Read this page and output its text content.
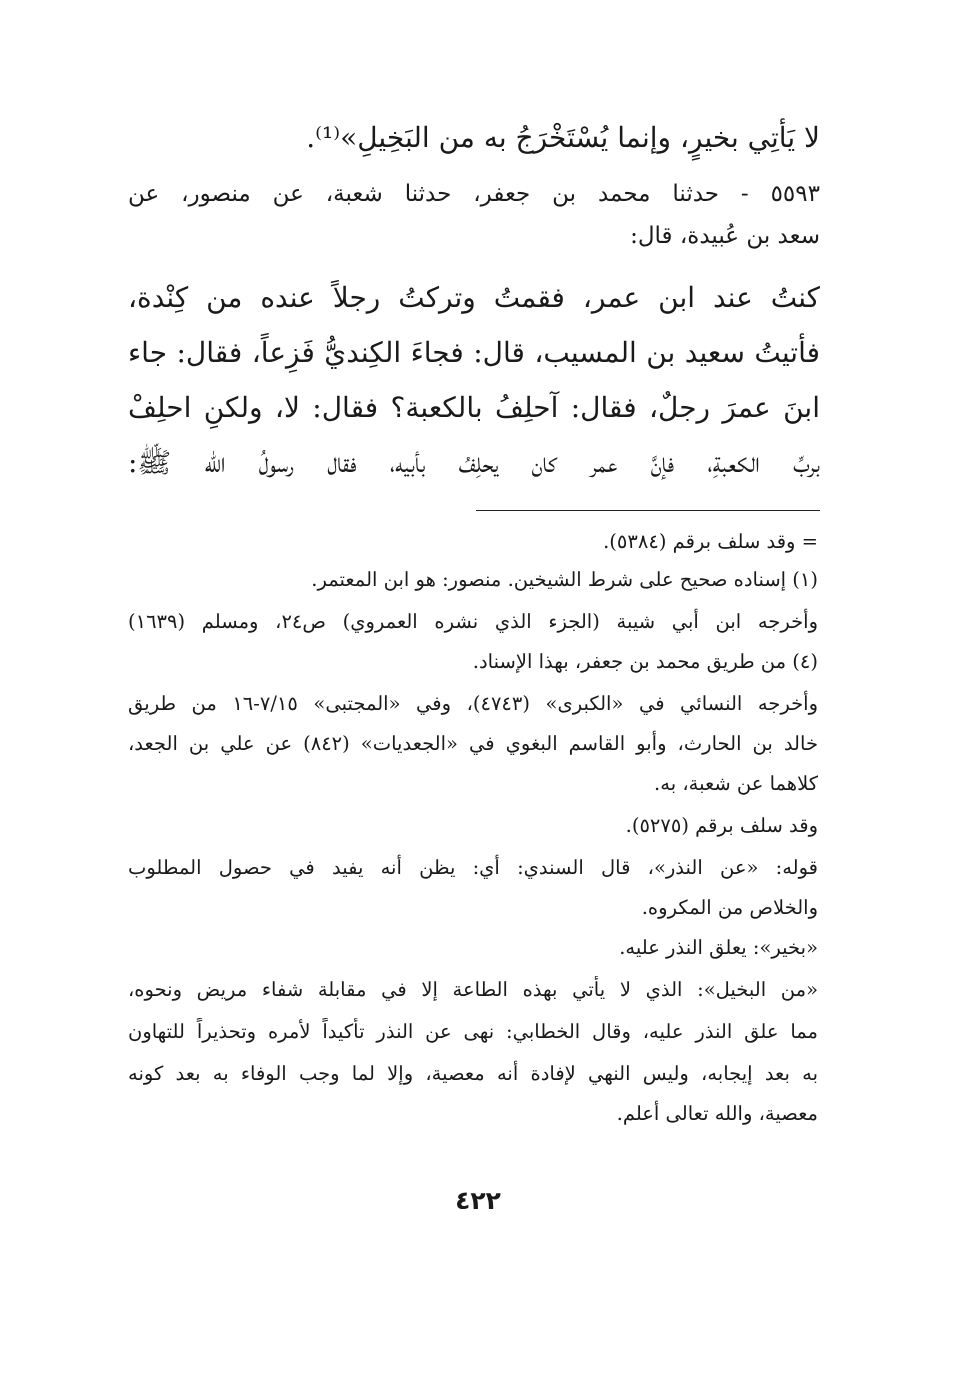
لا يَأْتِي بخيرٍ، وإنما يُسْتَخْرَجُ به من البَخِيلِ»⁽¹⁾.
٥٥٩٣ - حدثنا محمد بن جعفر، حدثنا شعبة، عن منصور، عن
سعد بن عُبيدة، قال:
كنتُ عند ابن عمر، فقمتُ وتركتُ رجلاً عنده من كِنْدة،
فأتيتُ سعيد بن المسيب، قال: فجاءَ الكِنديُّ فَزِعاً، فقال: جاء
ابنَ عمرَ رجلٌ، فقال: آحلِفُ بالكعبة؟ فقال: لا، ولكنِ احلِفْ
بربِّ الكعبةِ، فإنَّ عمر كان يحلِفُ بأبيه، فقال رسولُ الله ﷺ:
= وقد سلف برقم (٥٣٨٤).
(١) إسناده صحيح على شرط الشيخين. منصور: هو ابن المعتمر.
وأخرجه ابن أبي شيبة (الجزء الذي نشره العمروي) ص٢٤، ومسلم (١٦٣٩)
(٤) من طريق محمد بن جعفر، بهذا الإسناد.
وأخرجه النسائي في «الكبرى» (٤٧٤٣)، وفي «المجتبى» ٧/١٥-١٦ من طريق
خالد بن الحارث، وأبو القاسم البغوي في «الجعديات» (٨٤٢) عن علي بن الجعد،
كلاهما عن شعبة، به.
وقد سلف برقم (٥٢٧٥).
قوله: «عن النذر»، قال السندي: أي: يظن أنه يفيد في حصول المطلوب
والخلاص من المكروه.
«بخير»: يعلق النذر عليه.
«من البخيل»: الذي لا يأتي بهذه الطاعة إلا في مقابلة شفاء مريض ونحوه،
مما علق النذر عليه، وقال الخطابي: نهى عن النذر تأكيداً لأمره وتحذيراً للتهاون
به بعد إيجابه، وليس النهي لإفادة أنه معصية، وإلا لما وجب الوفاء به بعد كونه
معصية، والله تعالى أعلم.
٤٢٢
